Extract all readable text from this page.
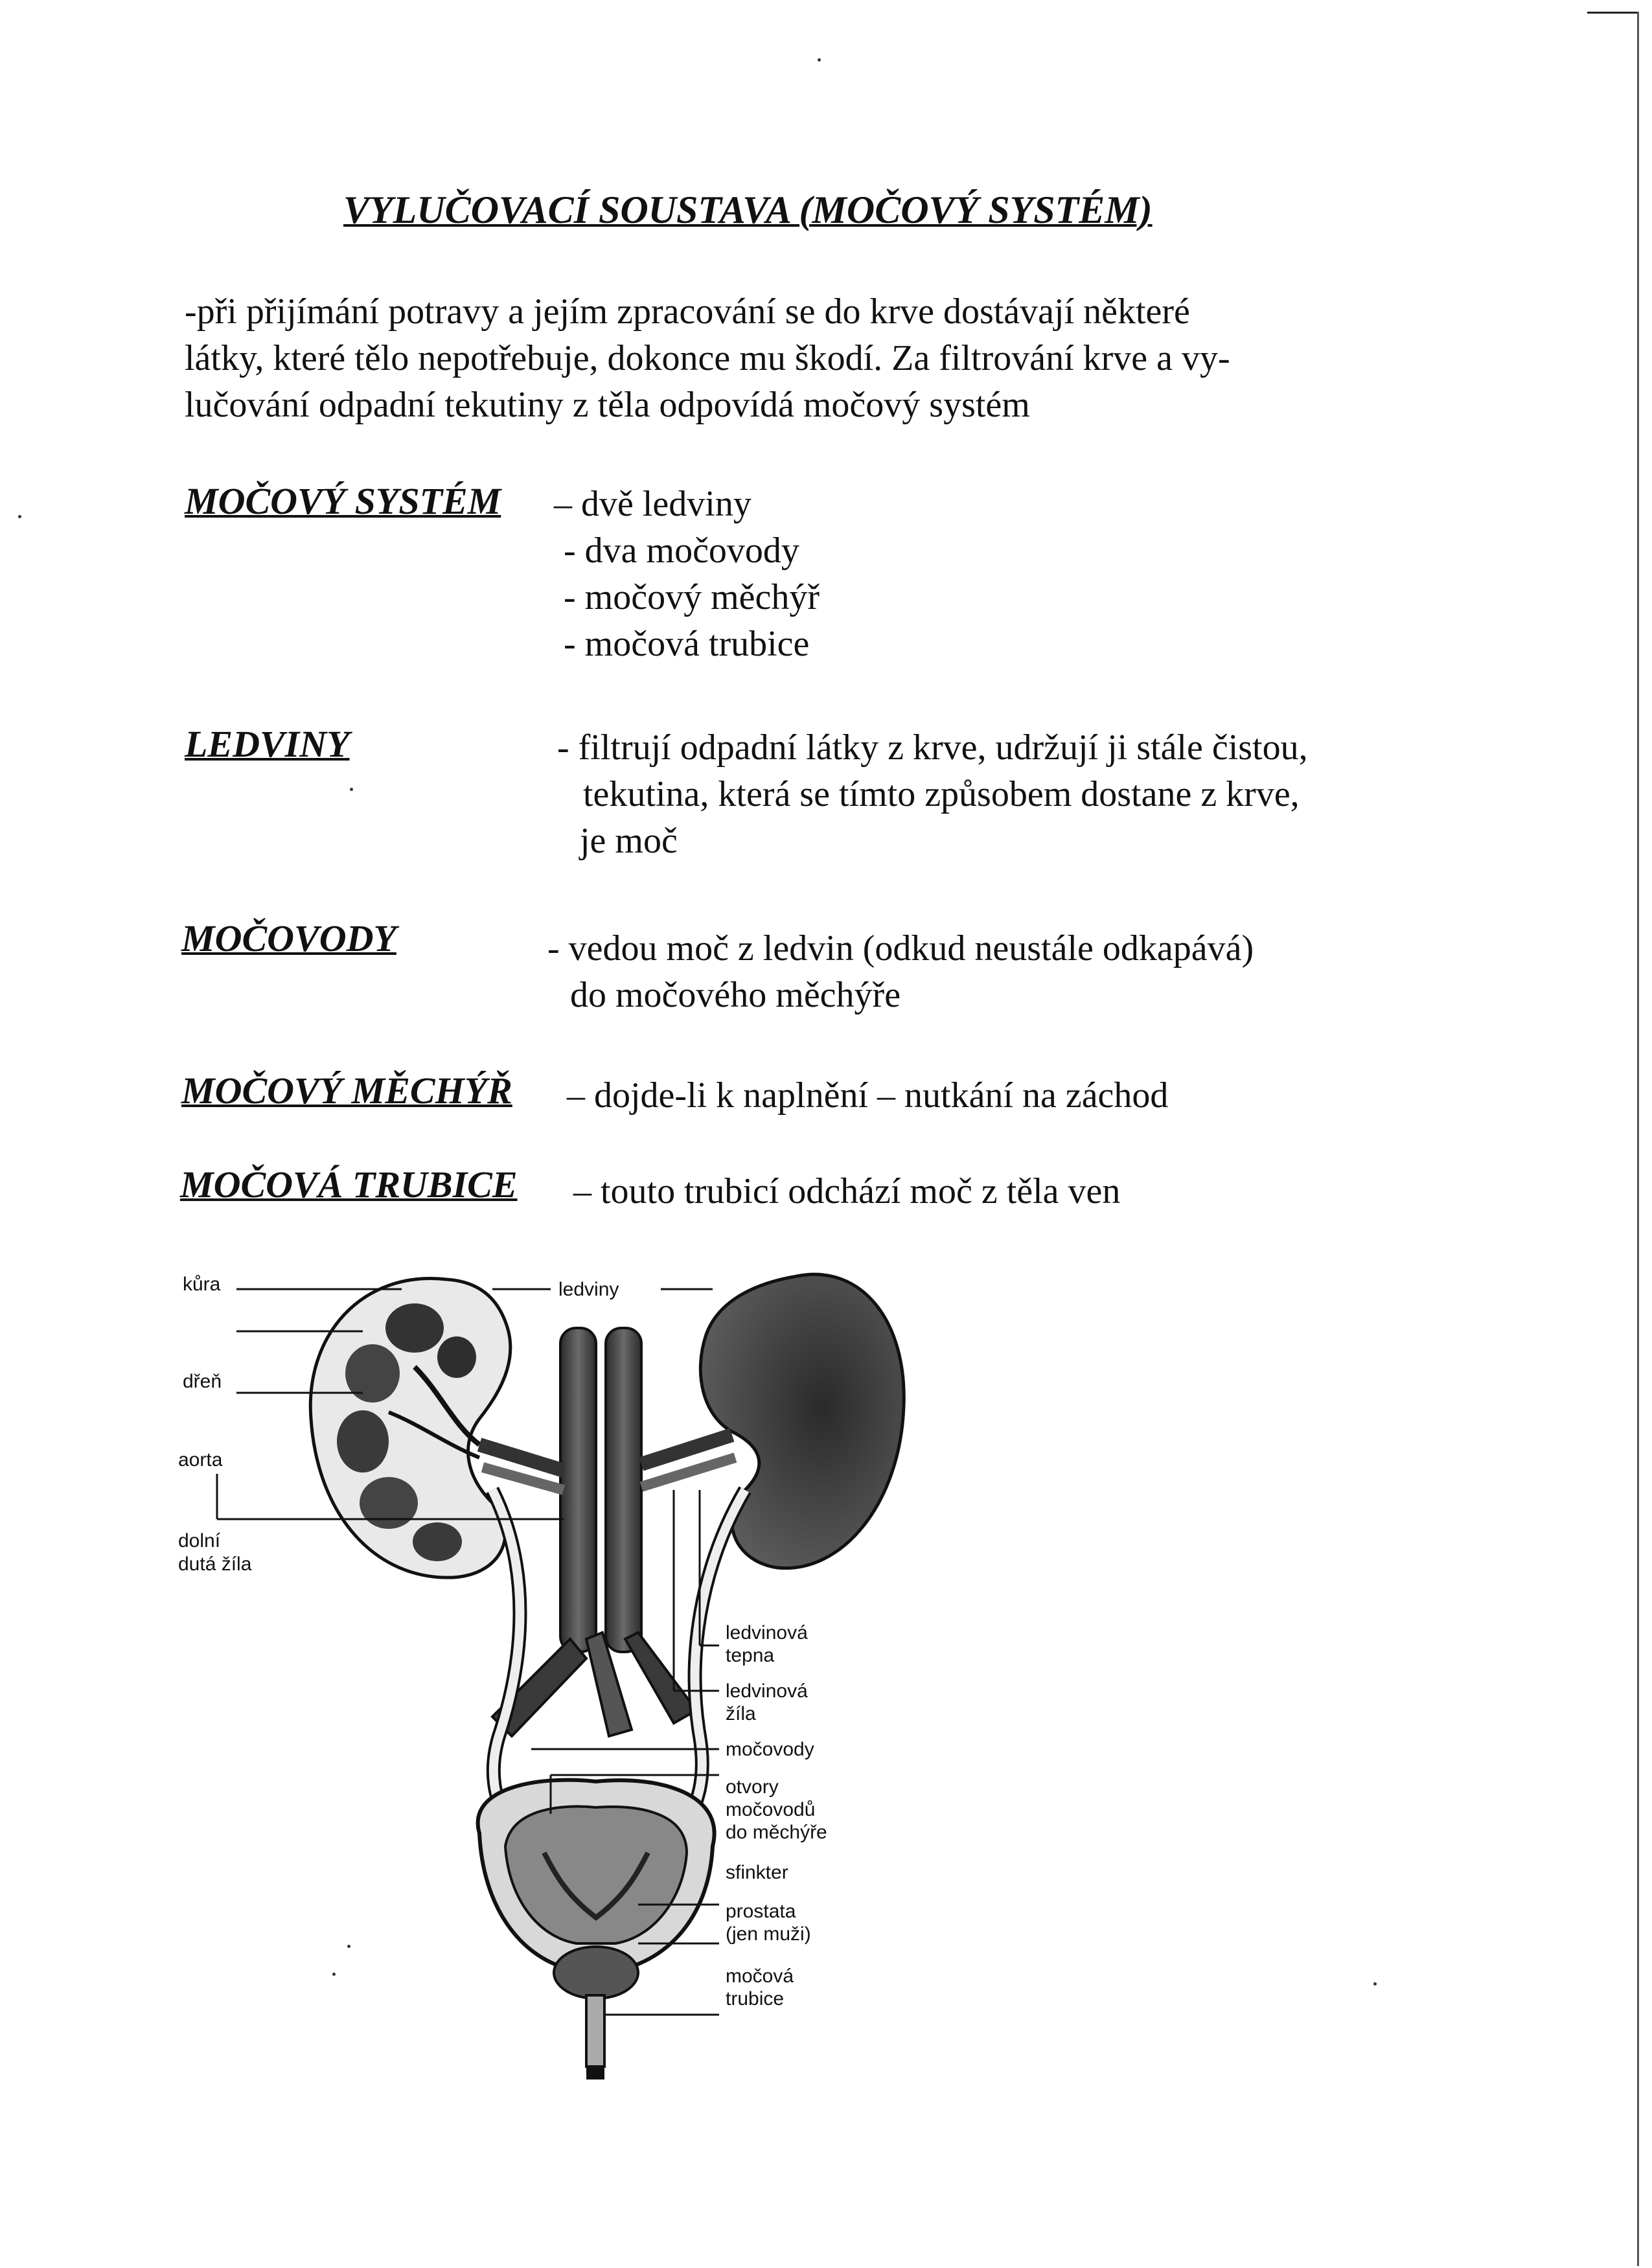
VYLUČOVACÍ SOUSTAVA (MOČOVÝ SYSTÉM)
-při přijímání potravy a jejím zpracování se do krve dostávají některé
látky, které tělo nepotřebuje, dokonce mu škodí. Za filtrování krve a vy-
lučování odpadní tekutiny z těla odpovídá močový systém
MOČOVÝ SYSTÉM – dvě ledviny
- dva močovody
- močový měchýř
- močová trubice
LEDVINY	- filtrují odpadní látky z krve, udržují ji stále čistou,
tekutina, která se tímto způsobem dostane z krve,
je moč
MOČOVODY	- vedou moč z ledvin (odkud neustále odkapává)
do močového měchýře
MOČOVÝ MĚCHÝŘ – dojde-li k naplnění – nutkání na záchod
MOČOVÁ TRUBICE – touto trubicí odchází moč z těla ven
kůra
dřeň
aorta
dolní
dutá žíla
ledviny
ledvinová
tepna
ledvinová
žíla
močovody
otvory
močovodů
do měchýře
sfinkter
prostata
(jen muži)
močová
trubice
